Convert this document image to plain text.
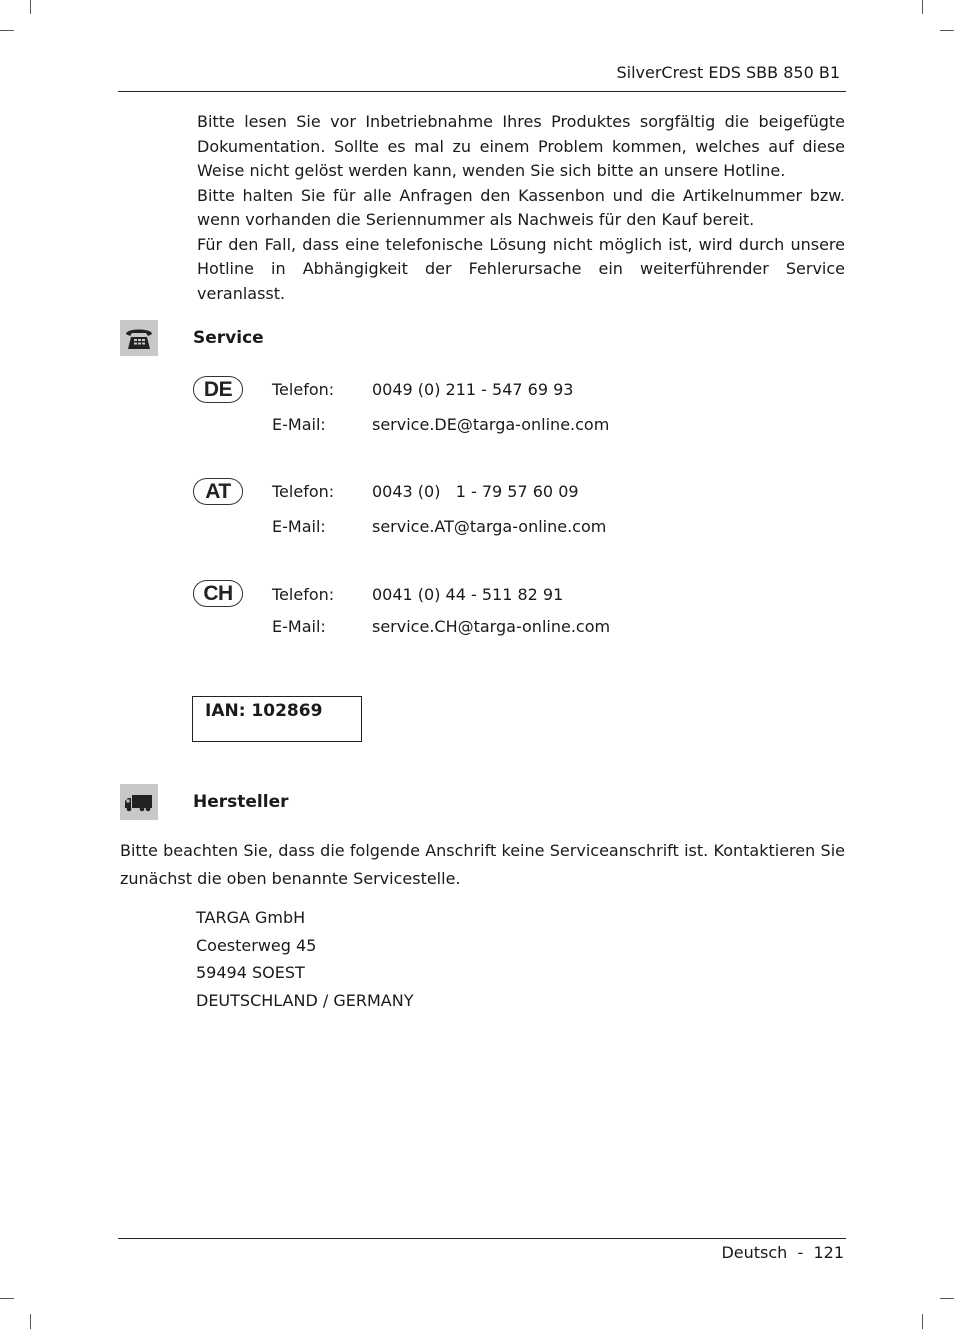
SilverCrest EDS SBB 850 B1

Bitte lesen Sie vor Inbetriebnahme Ihres Produktes sorgfältig die beigefügte Dokumentation. Sollte es mal zu einem Problem kommen, welches auf diese Weise nicht gelöst werden kann, wenden Sie sich bitte an unsere Hotline.

Bitte halten Sie für alle Anfragen den Kassenbon und die Artikelnummer bzw. wenn vorhanden die Seriennummer als Nachweis für den Kauf bereit.

Für den Fall, dass eine telefonische Lösung nicht möglich ist, wird durch unsere Hotline in Abhängigkeit der Fehlerursache ein weiterführender Service veranlasst.

Service
DE	Telefon: 0049 (0) 211 - 547 69 93
E-Mail:	service.DE@targa-online.com
AT	Telefon: 0043 (0)   1 - 79 57 60 09
E-Mail:	service.AT@targa-online.com
CH	Telefon: 0041 (0) 44 - 511 82 91
E-Mail:	service.CH@targa-online.com
IAN: 102869
Hersteller
Bitte beachten Sie, dass die folgende Anschrift keine Serviceanschrift ist. Kontaktieren Sie zunächst die oben benannte Servicestelle.
TARGA GmbH
Coesterweg 45
59494 SOEST
DEUTSCHLAND / GERMANY
Deutsch - 121
